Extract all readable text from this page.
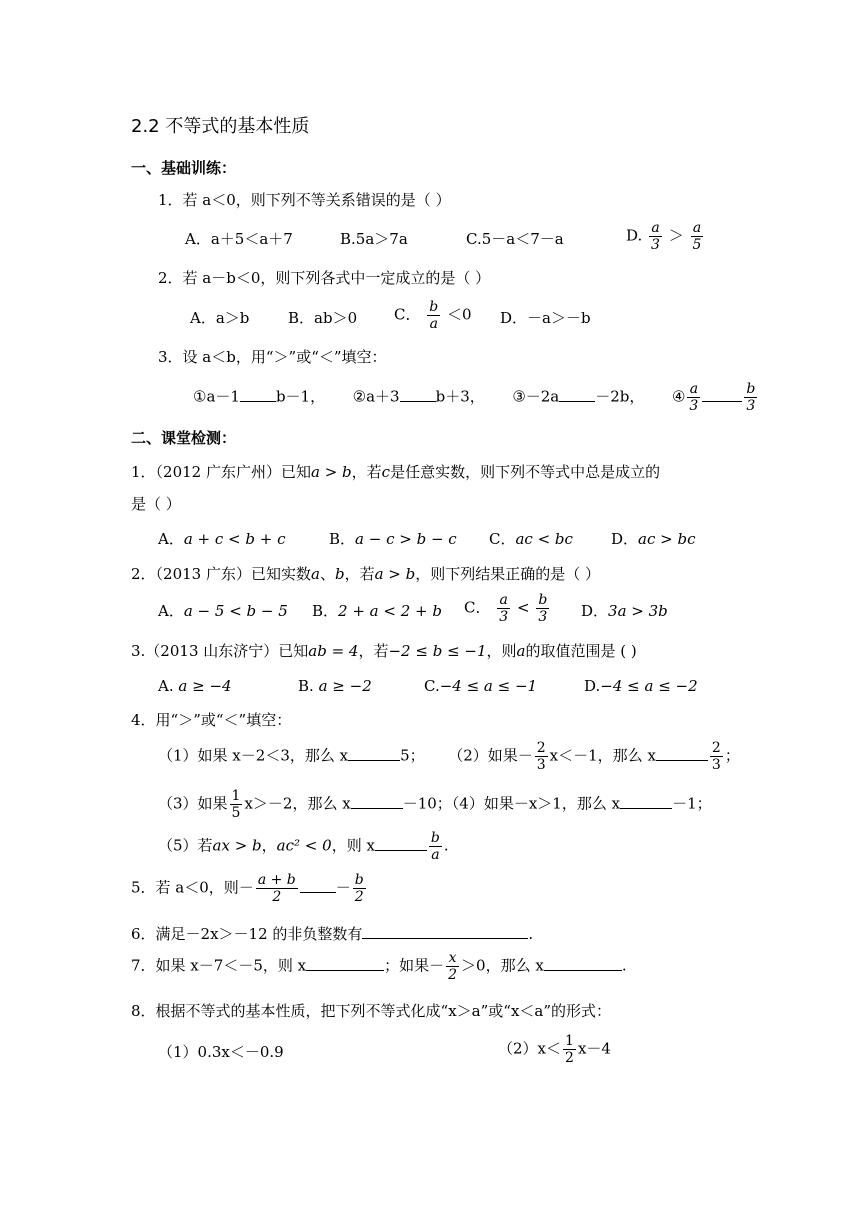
2.2 不等式的基本性质
一、基础训练：
1．若 a＜0，则下列不等关系错误的是（ ）
A．a＋5＜a＋7	B.5a＞7a	C.5－a＜7－a	D. $\frac{a}{3} > \frac{a}{5}$
2．若 a－b＜0，则下列各式中一定成立的是（ ）
A．a＞b	B．ab＞0 C． $\frac{b}{a} <0$ D．－a＞－b
3．设 a＜b，用“＞”或“＜”填空：
①a－1 b－1， ②a＋3 b＋3， ③－2a －2b， ④ $\frac{a}{3}$	$\frac{b}{3}$
二、课堂检测：
1．（2012 广东广州）已知a > b，若c是任意实数，则下列不等式中总是成立的
是（ ）
A．a + c < b + c	B．a − c > b − c C．ac < bc	D．ac > bc
2．（2013 广东）已知实数a、b，若a > b，则下列结果正确的是（ ）
A．a − 5 < b − 5 B．2 + a < 2 + b C． $\frac{a}{3} < \frac{b}{3}$ D．3a > 3b
3.（2013 山东济宁）已知ab = 4，若−2 ≤ b ≤ −1，则a的取值范围是 ( )
A. a ≥ −4	B. a ≥ −2	C.−4 ≤ a ≤ −1	D.−4 ≤ a ≤ −2
4．用“＞”或“＜”填空：
（1）如果 x－2＜3，那么 x	5； （2）如果－ $\frac{2}{3} x<-1$，那么 x	$\frac{2}{3}$ ；
（3）如果 $\frac{1}{5} x>-2$，那么 x	－10；（4）如果－x＞1，那么 x	－1；
（5）若ax > b，ac² < 0，则 x	$\frac{b}{a}$ .
5．若 a＜0，则－ $\frac{a + b}{2}$	－ $\frac{b}{2}$
6．满足－2x＞－12 的非负整数有	.
7．如果 x－7＜－5，则 x	；如果－ $\frac{x}{2} >0$，那么 x	.
8．根据不等式的基本性质，把下列不等式化成“x＞a”或“x＜a”的形式：
（1）0.3x＜－0.9	$(2)x< \frac{1}{2} x-4$
